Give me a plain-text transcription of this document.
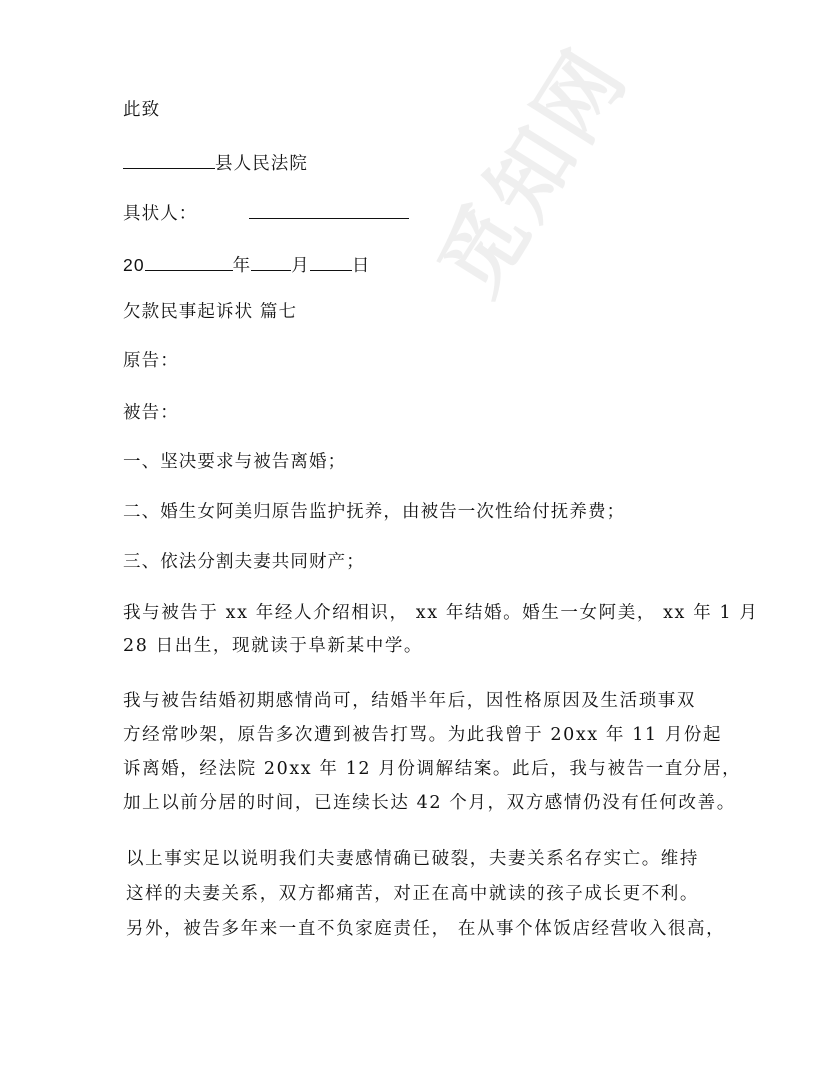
觅知网

此致

县人民法院

具状人：

20	年 月 日

欠款民事起诉状 篇七

原告：

被告：

一、坚决要求与被告离婚；

二、婚生女阿美归原告监护抚养，由被告一次性给付抚养费；

三、依法分割夫妻共同财产；

我与被告于 xx 年经人介绍相识， xx 年结婚。婚生一女阿美， xx 年 1 月

28 日出生，现就读于阜新某中学。

我与被告结婚初期感情尚可，结婚半年后，因性格原因及生活琐事双

方经常吵架，原告多次遭到被告打骂。为此我曾于 20xx 年 11 月份起

诉离婚，经法院 20xx 年 12 月份调解结案。此后，我与被告一直分居，

加上以前分居的时间，已连续长达 42 个月，双方感情仍没有任何改善。

以上事实足以说明我们夫妻感情确已破裂，夫妻关系名存实亡。维持

这样的夫妻关系，双方都痛苦，对正在高中就读的孩子成长更不利。

另外，被告多年来一直不负家庭责任， 在从事个体饭店经营收入很高，
